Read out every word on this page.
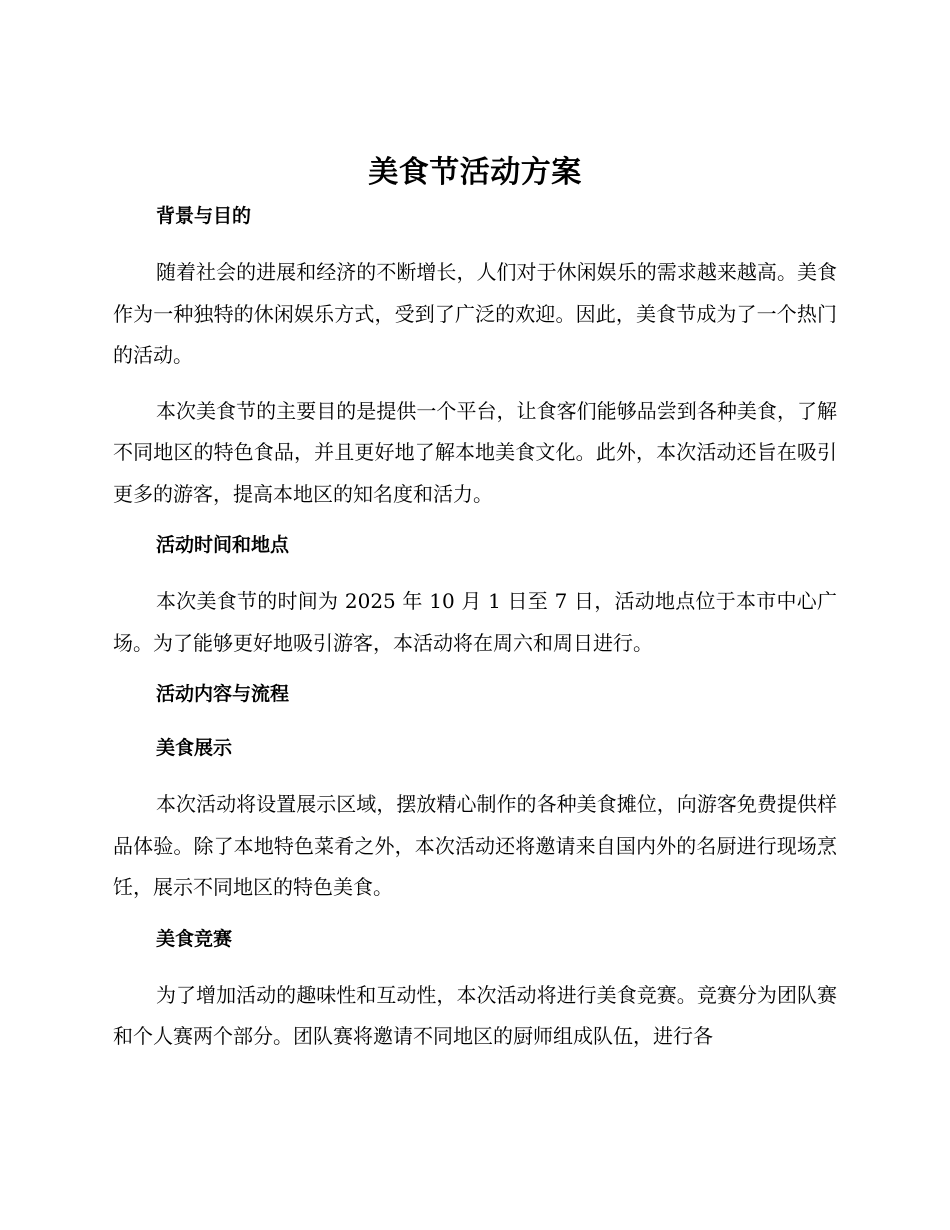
美食节活动方案
背景与目的

随着社会的进展和经济的不断增长，人们对于休闲娱乐的需求越来越高。美食作为一种独特的休闲娱乐方式，受到了广泛的欢迎。因此，美食节成为了一个热门的活动。

本次美食节的主要目的是提供一个平台，让食客们能够品尝到各种美食，了解不同地区的特色食品，并且更好地了解本地美食文化。此外，本次活动还旨在吸引更多的游客，提高本地区的知名度和活力。

活动时间和地点

本次美食节的时间为 2025 年 10 月 1 日至 7 日，活动地点位于本市中心广场。为了能够更好地吸引游客，本活动将在周六和周日进行。

活动内容与流程
美食展示

本次活动将设置展示区域，摆放精心制作的各种美食摊位，向游客免费提供样品体验。除了本地特色菜肴之外，本次活动还将邀请来自国内外的名厨进行现场烹饪，展示不同地区的特色美食。

美食竞赛

为了增加活动的趣味性和互动性，本次活动将进行美食竞赛。竞赛分为团队赛和个人赛两个部分。团队赛将邀请不同地区的厨师组成队伍，进行各
